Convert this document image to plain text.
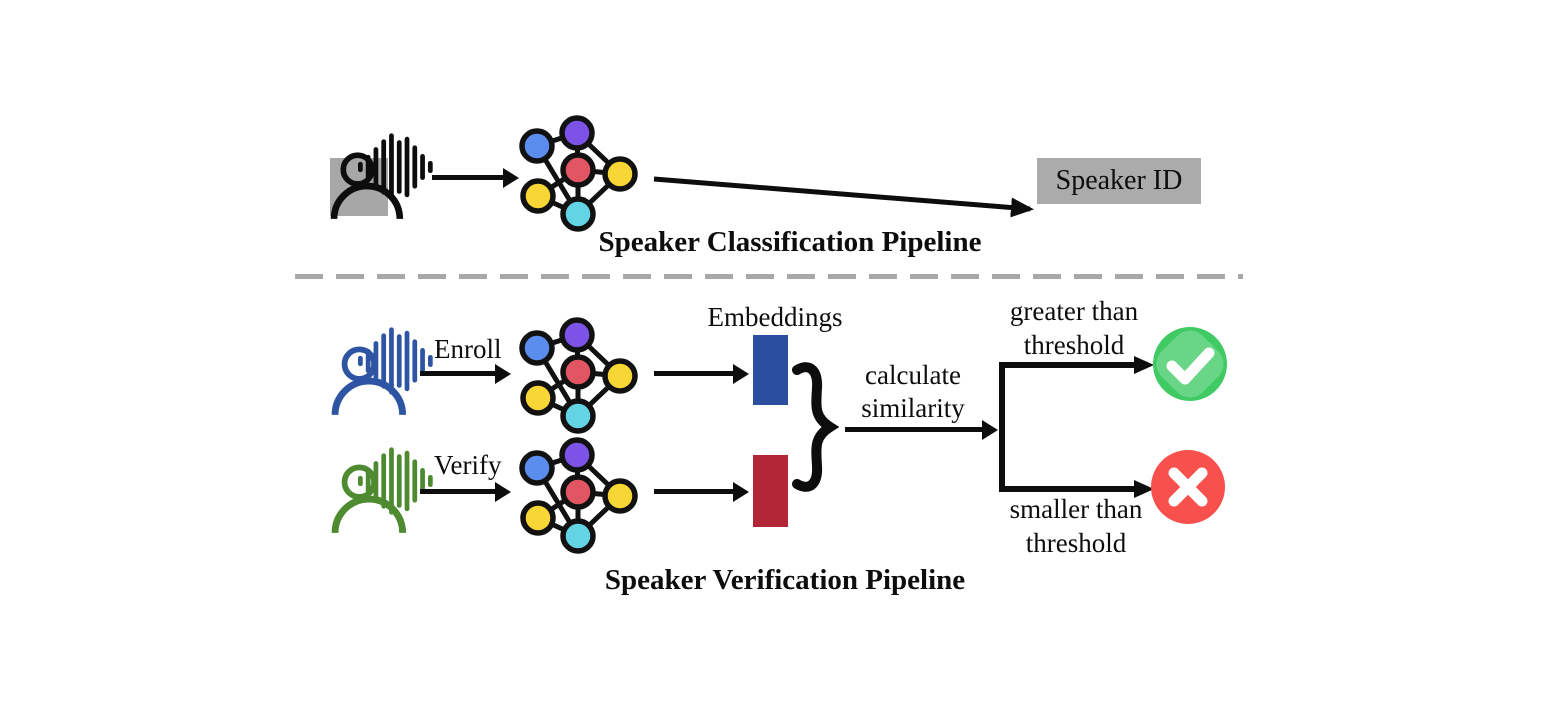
Speaker ID
Speaker Classification Pipeline
Embeddings
Enroll
Verify
calculate
similarity
greater than
threshold
smaller than
threshold
Speaker Verification Pipeline
